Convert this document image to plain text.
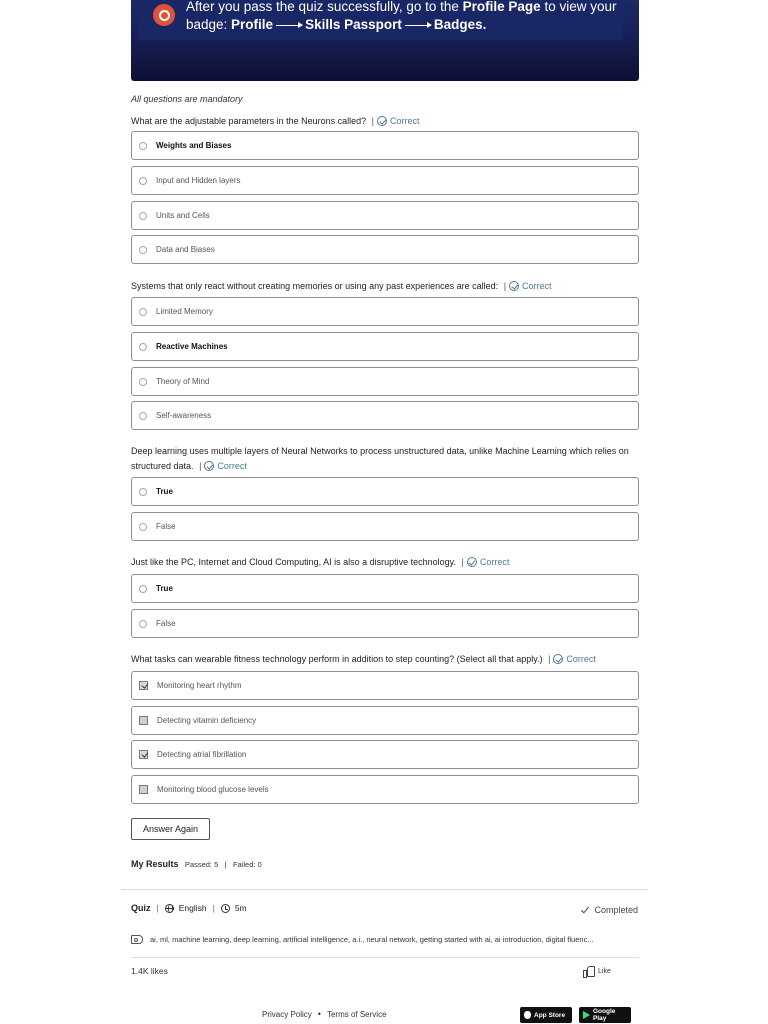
After you pass the quiz successfully, go to the Profile Page to view your
badge: Profile Skills Passport Badges.
All questions are mandatory
What are the adjustable parameters in the Neurons called? | Correct
Weights and Biases
Input and Hidden layers
Units and Cells
Data and Biases
Systems that only react without creating memories or using any past experiences are called: | Correct
Limited Memory
Reactive Machines
Theory of Mind
Self-awareness
Deep learning uses multiple layers of Neural Networks to process unstructured data, unlike Machine Learning which relies on structured data. | Correct
True
False
Just like the PC, Internet and Cloud Computing, AI is also a disruptive technology. | Correct
True
False
What tasks can wearable fitness technology perform in addition to step counting? (Select all that apply.) | Correct
Monitoring heart rhythm
Detecting vitamin deficiency
Detecting atrial fibrillation
Monitoring blood glucose levels
Answer Again
My Results Passed: 5 | Failed: 0
Quiz | English | 5m	Completed
ai, ml, machine learning, deep learning, artificial intelligence, a.i., neural network, getting started with ai, ai introduction, digital fluenc...
1.4K likes	Like
Privacy Policy • Terms of Service	App Store	Google Play
